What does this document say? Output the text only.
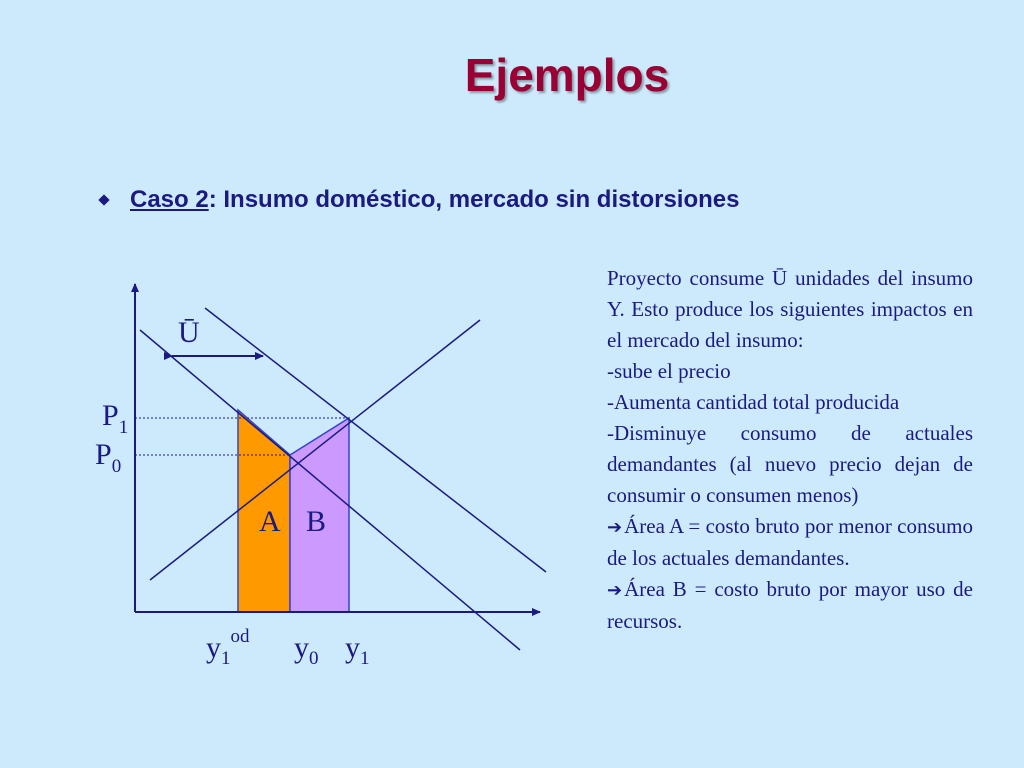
Ejemplos
Caso 2 : Insumo doméstico, mercado sin distorsiones
Ū
$P_1$
$P_0$
A B
$y_1^{od}$ $y_0$ $y_1$
Proyecto consume Ū unidades del insumo Y. Esto produce los siguientes impactos en el mercado del insumo:
-sube el precio
-Aumenta cantidad total producida
-Disminuye consumo de actuales demandantes (al nuevo precio dejan de consumir o consumen menos)
➔Área A = costo bruto por menor consumo de los actuales demandantes.
➔Área B = costo bruto por mayor uso de recursos.
